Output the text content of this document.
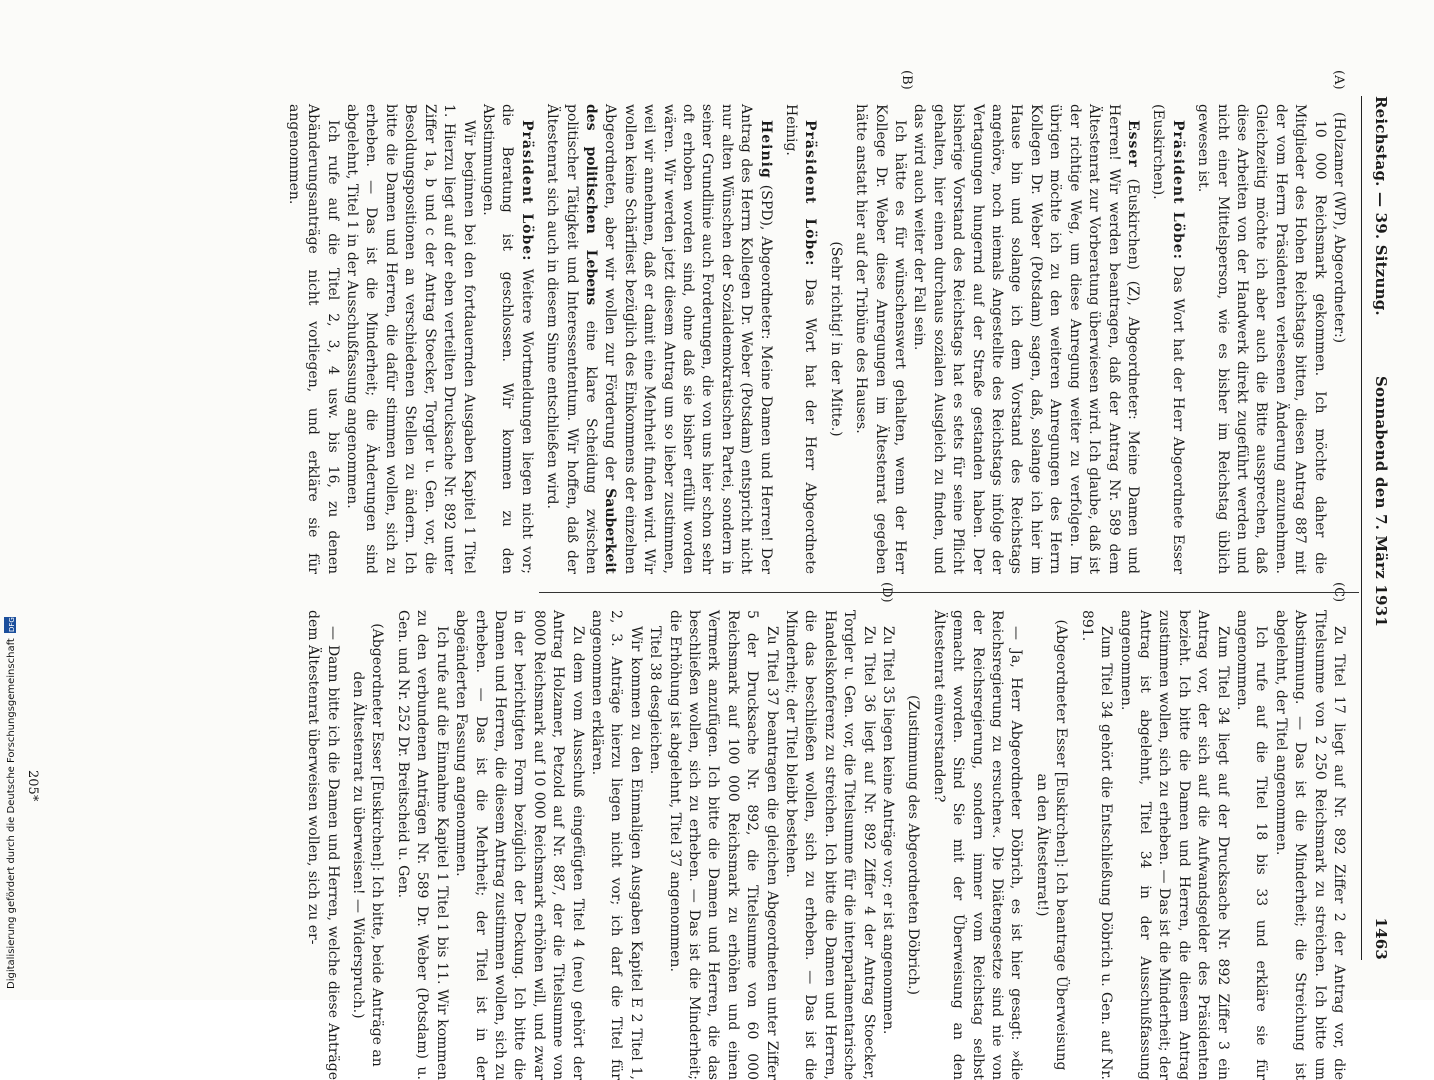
Reichstag. — 39. Sitzung.
Sonnabend den 7. März 1931
1463
(A)
(B)
(C)
(D)

(Holzamer (WP), Abgeordneter:)

10 000 Reichsmark gekommen. Ich möchte daher die Mitglieder des Hohen Reichstags bitten, diesen Antrag 887 mit der vom Herrn Präsidenten verlesenen Änderung anzunehmen. Gleichzeitig möchte ich aber auch die Bitte aussprechen, daß diese Arbeiten von der Handwerk direkt zugeführt werden und nicht einer Mittelsperson, wie es bisher im Reichstag üblich gewesen ist.

Präsident Löbe: Das Wort hat der Herr Abgeordnete Esser (Euskirchen).

Esser (Euskirchen) (Z), Abgeordneter: Meine Damen und Herren! Wir werden beantragen, daß der Antrag Nr. 589 dem Ältestenrat zur Vorberatung überwiesen wird. Ich glaube, daß ist der richtige Weg, um diese Anregung weiter zu verfolgen. Im übrigen möchte ich zu den weiteren Anregungen des Herrn Kollegen Dr. Weber (Potsdam) sagen, daß, solange ich hier im Hause bin und solange ich dem Vorstand des Reichstags angehöre, noch niemals Angestellte des Reichstags infolge der Vertagungen hungernd auf der Straße gestanden haben. Der bisherige Vorstand des Reichstags hat es stets für seine Pflicht gehalten, hier einen durchaus sozialen Ausgleich zu finden, und das wird auch weiter der Fall sein.

Ich hätte es für wünschenswert gehalten, wenn der Herr Kollege Dr. Weber diese Anregungen im Ältestenrat gegeben hätte anstatt hier auf der Tribüne des Hauses.

(Sehr richtig! in der Mitte.)

Präsident Löbe: Das Wort hat der Herr Abgeordnete Heinig.

Heinig (SPD), Abgeordneter: Meine Damen und Herren! Der Antrag des Herrn Kollegen Dr. Weber (Potsdam) entspricht nicht nur alten Wünschen der Sozialdemokratischen Partei, sondern in seiner Grundlinie auch Forderungen, die von uns hier schon sehr oft erhoben worden sind, ohne daß sie bisher erfüllt worden wären. Wir werden jetzt diesem Antrag um so lieber zustimmen, weil wir annehmen, daß er damit eine Mehrheit finden wird. Wir wollen keine Schärfliest bezüglich des Einkommens der einzelnen Abgeordneten, aber wir wollen zur Förderung der Sauberkeit des politischen Lebens eine klare Scheidung zwischen politischer Tätigkeit und Interessententum. Wir hoffen, daß der Ältestenrat sich auch in diesem Sinne entschließen wird.

Präsident Löbe: Weitere Wortmeldungen liegen nicht vor; die Beratung ist geschlossen. Wir kommen zu den Abstimmungen.

Wir beginnen bei den fortdauernden Ausgaben Kapitel 1 Titel 1. Hierzu liegt auf der eben verteilten Drucksache Nr. 892 unter Ziffer 1a, b und c der Antrag Stoecker, Torgler u. Gen. vor, die Besoldungspositionen an verschiedenen Stellen zu ändern. Ich bitte die Damen und Herren, die dafür stimmen wollen, sich zu erheben. — Das ist die Minderheit; die Änderungen sind abgelehnt, Titel 1 in der Ausschußfassung angenommen.

Ich rufe auf die Titel 2, 3, 4 usw. bis 16, zu denen Abänderungsanträge nicht vorliegen, und erkläre sie für angenommen.

Zu Titel 17 liegt auf Nr. 892 Ziffer 2 der Antrag vor, die Titelsumme von 2 250 Reichsmark zu streichen. Ich bitte um Abstimmung. — Das ist die Minderheit; die Streichung ist abgelehnt, der Titel angenommen.

Ich rufe auf die Titel 18 bis 33 und erkläre sie für angenommen.

Zum Titel 34 liegt auf der Drucksache Nr. 892 Ziffer 3 ein Antrag vor, der sich auf die Aufwandsgelder des Präsidenten bezieht. Ich bitte die Damen und Herren, die diesem Antrag zustimmen wollen, sich zu erheben. — Das ist die Minderheit; der Antrag ist abgelehnt, Titel 34 in der Ausschußfassung angenommen.

Zum Titel 34 gehört die Entschließung Döbrich u. Gen. auf Nr. 891.

(Abgeordneter Esser [Euskirchen]: Ich beantrage Überweisung an den Ältestenrat!)

— Ja, Herr Abgeordneter Döbrich, es ist hier gesagt: »die Reichsregierung zu ersuchen«. Die Diätengesetze sind nie von der Reichsregierung, sondern immer vom Reichstag selbst gemacht worden. Sind Sie mit der Überweisung an den Ältestenrat einverstanden?

(Zustimmung des Abgeordneten Döbrich.)

Zu Titel 35 liegen keine Anträge vor; er ist angenommen.

Zu Titel 36 liegt auf Nr. 892 Ziffer 4 der Antrag Stoecker, Torgler u. Gen. vor, die Titelsumme für die interparlamentarische Handelskonferenz zu streichen. Ich bitte die Damen und Herren, die das beschließen wollen, sich zu erheben. — Das ist die Minderheit; der Titel bleibt bestehen.

Zu Titel 37 beantragen die gleichen Abgeordneten unter Ziffer 5 der Drucksache Nr. 892, die Titelsumme von 60 000 Reichsmark auf 100 000 Reichsmark zu erhöhen und einen Vermerk anzufügen. Ich bitte die Damen und Herren, die das beschließen wollen, sich zu erheben. — Das ist die Minderheit; die Erhöhung ist abgelehnt, Titel 37 angenommen.

Titel 38 desgleichen.

Wir kommen zu den Einmaligen Ausgaben Kapitel E 2 Titel 1, 2, 3. Anträge hierzu liegen nicht vor; ich darf die Titel für angenommen erklären.

Zu dem vom Ausschuß eingefügten Titel 4 (neu) gehört der Antrag Holzamer, Petzold auf Nr. 887, der die Titelsumme von 8000 Reichsmark auf 10 000 Reichsmark erhöhen will, und zwar in der berichtigten Form bezüglich der Deckung. Ich bitte die Damen und Herren, die diesem Antrag zustimmen wollen, sich zu erheben. — Das ist die Mehrheit; der Titel ist in der abgeänderten Fassung angenommen.

Ich rufe auf die Einnahme Kapitel 1 Titel 1 bis 11. Wir kommen zu den verbundenen Anträgen Nr. 589 Dr. Weber (Potsdam) u. Gen. und Nr. 252 Dr. Breitscheid u. Gen.

(Abgeordneter Esser [Euskirchen]: Ich bitte, beide Anträge an den Ältestenrat zu überweisen! — Widerspruch.)

— Dann bitte ich die Damen und Herren, welche diese Anträge dem Ältestenrat überweisen wollen, sich zu er-

205*
Digitalisierung gefördert durch die Deutsche Forschungsgemeinschaft DFG
